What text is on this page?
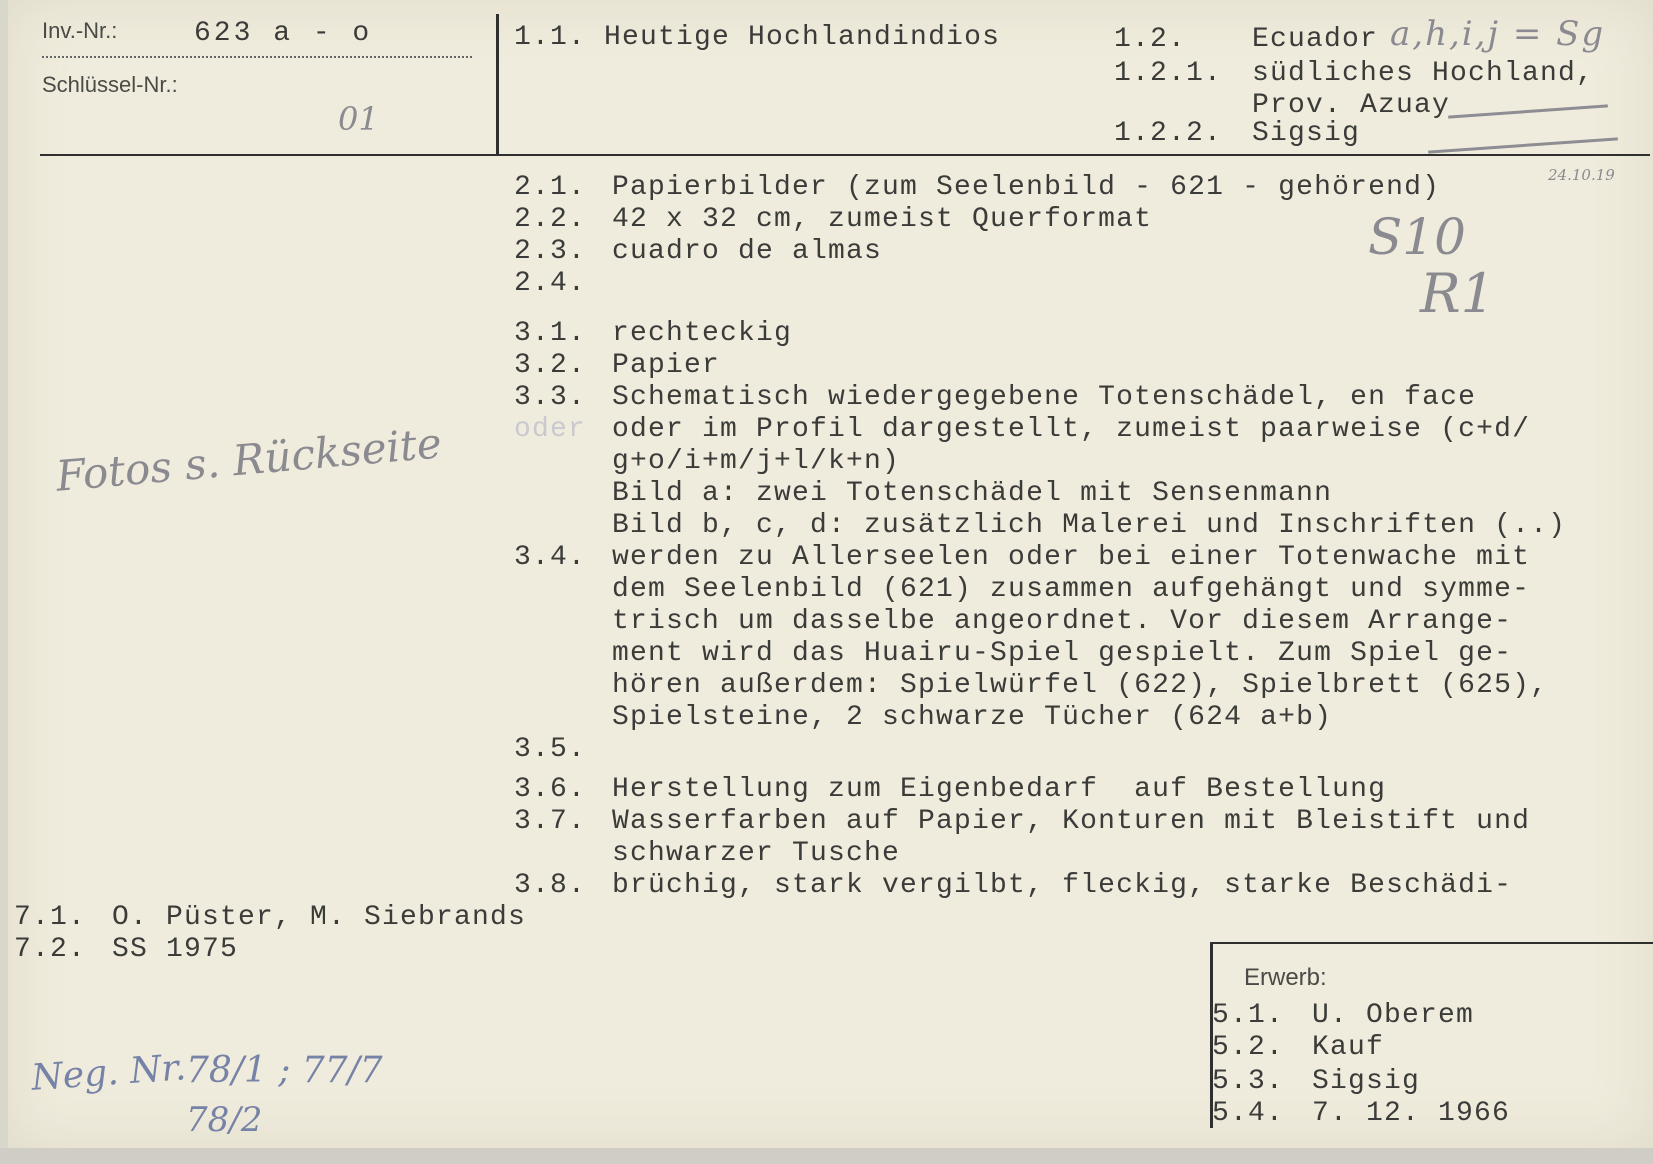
Inv.-Nr.:	623 a - o
Schlüssel-Nr.:
01
1.1. Heutige Hochlandindios	1.2. Ecuador a,h,i,j = Sg
1.2.1. südliches Hochland,
Prov. Azuay
1.2.2. Sigsig
24.10.19
2.1. Papierbilder (zum Seelenbild - 621 - gehörend)
2.2. 42 x 32 cm, zumeist Querformat
2.3. cuadro de almas
2.4.
S10
R1
3.1. rechteckig
3.2. Papier
3.3. Schematisch wiedergegebene Totenschädel, en face
oder oder im Profil dargestellt, zumeist paarweise (c+d/
g+o/i+m/j+l/k+n)
Bild a: zwei Totenschädel mit Sensenmann
Bild b, c, d: zusätzlich Malerei und Inschriften (..)
3.4. werden zu Allerseelen oder bei einer Totenwache mit
dem Seelenbild (621) zusammen aufgehängt und symme-
trisch um dasselbe angeordnet. Vor diesem Arrange-
ment wird das Huairu-Spiel gespielt. Zum Spiel ge-
hören außerdem: Spielwürfel (622), Spielbrett (625),
Spielsteine, 2 schwarze Tücher (624 a+b)
3.5.
3.6. Herstellung zum Eigenbedarf  auf Bestellung
3.7. Wasserfarben auf Papier, Konturen mit Bleistift und
schwarzer Tusche
3.8. brüchig, stark vergilbt, fleckig, starke Beschädi-
Fotos s. Rückseite
7.1. O. Püster, M. Siebrands
7.2. SS 1975
Neg. Nr.
78/1 ; 77/7
78/2
Erwerb:
5.1. U. Oberem
5.2. Kauf
5.3. Sigsig
5.4. 7. 12. 1966
